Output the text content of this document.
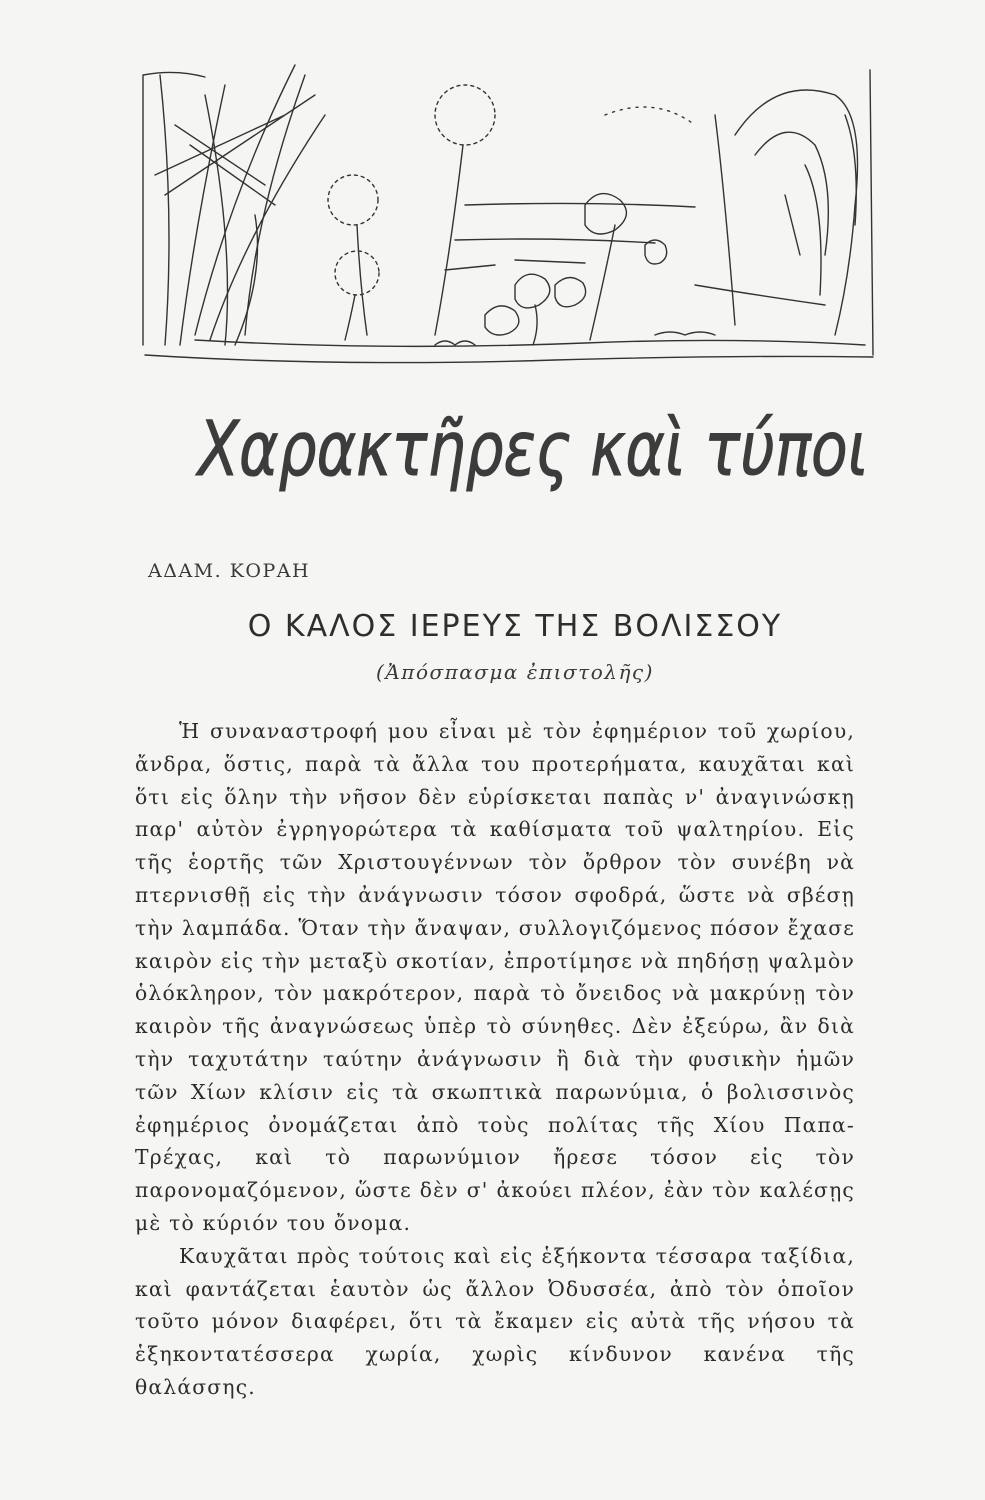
Χαρακτῆρες καὶ τύποι
ΑΔΑΜ. ΚΟΡΑΗ
Ο ΚΑΛΟΣ ΙΕΡΕΥΣ ΤΗΣ ΒΟΛΙΣΣΟΥ
(Ἀπόσπασμα ἐπιστολῆς)

Ἡ συναναστροφή μου εἶναι μὲ τὸν ἐφημέριον τοῦ χωρίου, ἄνδρα, ὅστις, παρὰ τὰ ἄλλα του προτερήματα, καυχᾶται καὶ ὅτι εἰς ὅλην τὴν νῆσον δὲν εὑρίσκεται παπὰς ν' ἀναγινώσκῃ παρ' αὐτὸν ἐγρηγορώτερα τὰ καθίσματα τοῦ ψαλτηρίου. Εἰς τῆς ἑορτῆς τῶν Χριστουγέννων τὸν ὄρθρον τὸν συνέβη νὰ πτερνισθῇ εἰς τὴν ἀνάγνωσιν τόσον σφοδρά, ὥστε νὰ σβέσῃ τὴν λαμπάδα. Ὅταν τὴν ἄναψαν, συλλογιζόμενος πόσον ἔχασε καιρὸν εἰς τὴν μεταξὺ σκοτίαν, ἐπροτίμησε νὰ πηδήσῃ ψαλμὸν ὁλόκληρον, τὸν μακρότερον, παρὰ τὸ ὄνειδος νὰ μακρύνῃ τὸν καιρὸν τῆς ἀναγνώσεως ὑπὲρ τὸ σύνηθες. Δὲν ἐξεύρω, ἂν διὰ τὴν ταχυτάτην ταύτην ἀνάγνωσιν ἢ διὰ τὴν φυσικὴν ἡμῶν τῶν Χίων κλίσιν εἰς τὰ σκωπτικὰ παρωνύμια, ὁ βολισσινὸς ἐφημέριος ὀνομάζεται ἀπὸ τοὺς πολίτας τῆς Χίου Παπα-Τρέχας, καὶ τὸ παρωνύμιον ἤρεσε τόσον εἰς τὸν παρονομαζόμενον, ὥστε δὲν σ' ἀκούει πλέον, ἐὰν τὸν καλέσῃς μὲ τὸ κύριόν του ὄνομα.

Καυχᾶται πρὸς τούτοις καὶ εἰς ἑξήκοντα τέσσαρα ταξίδια, καὶ φαντάζεται ἑαυτὸν ὡς ἄλλον Ὀδυσσέα, ἀπὸ τὸν ὁποῖον τοῦτο μόνον διαφέρει, ὅτι τὰ ἔκαμεν εἰς αὐτὰ τῆς νήσου τὰ ἑξηκοντατέσσερα χωρία, χωρὶς κίνδυνον κανένα τῆς θαλάσσης.
